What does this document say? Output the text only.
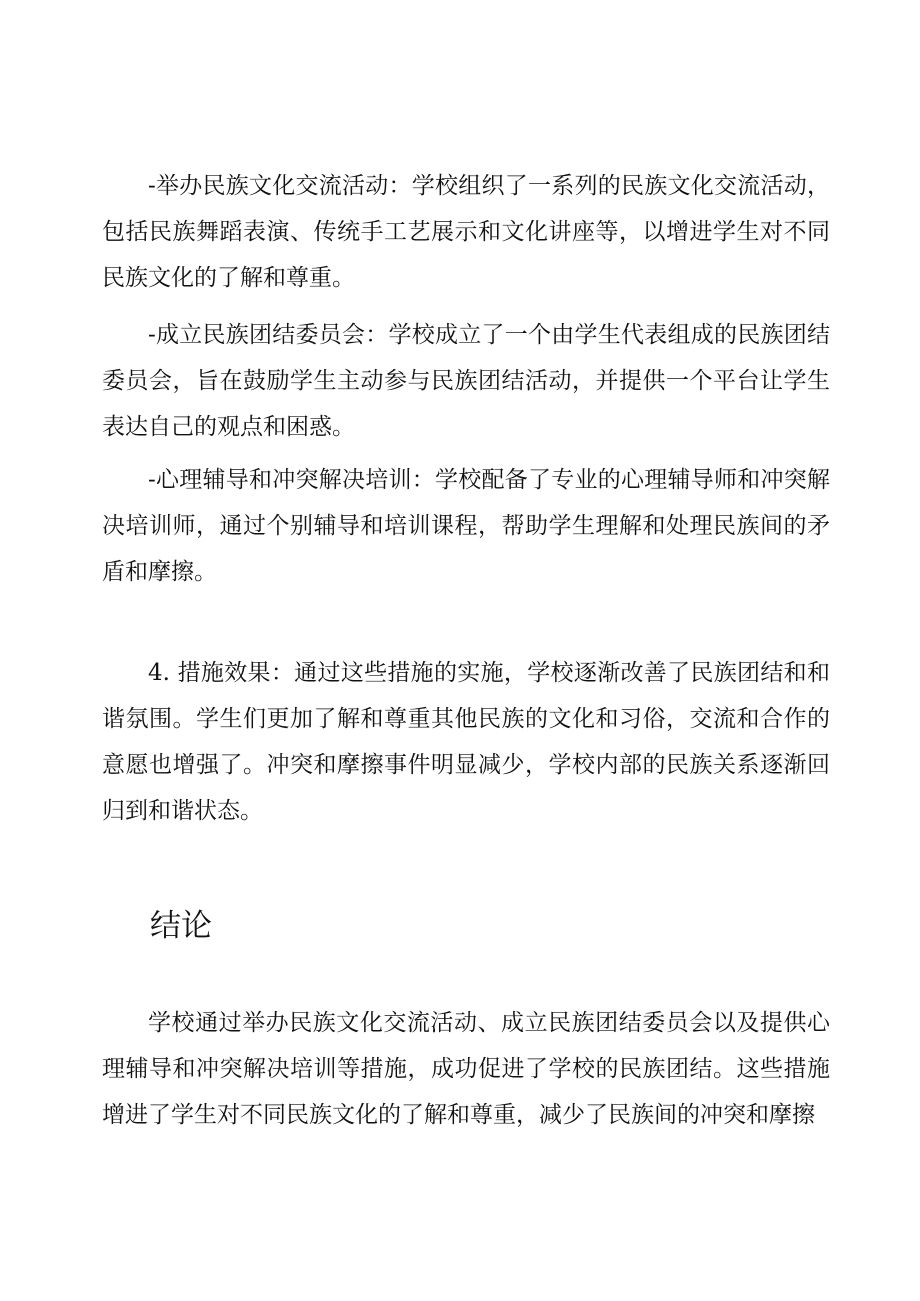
-举办民族文化交流活动：学校组织了一系列的民族文化交流活动，包括民族舞蹈表演、传统手工艺展示和文化讲座等，以增进学生对不同民族文化的了解和尊重。

-成立民族团结委员会：学校成立了一个由学生代表组成的民族团结委员会，旨在鼓励学生主动参与民族团结活动，并提供一个平台让学生表达自己的观点和困惑。

-心理辅导和冲突解决培训：学校配备了专业的心理辅导师和冲突解决培训师，通过个别辅导和培训课程，帮助学生理解和处理民族间的矛盾和摩擦。

4. 措施效果：通过这些措施的实施，学校逐渐改善了民族团结和和谐氛围。学生们更加了解和尊重其他民族的文化和习俗，交流和合作的意愿也增强了。冲突和摩擦事件明显减少，学校内部的民族关系逐渐回归到和谐状态。

结论

学校通过举办民族文化交流活动、成立民族团结委员会以及提供心理辅导和冲突解决培训等措施，成功促进了学校的民族团结。这些措施增进了学生对不同民族文化的了解和尊重，减少了民族间的冲突和摩擦
